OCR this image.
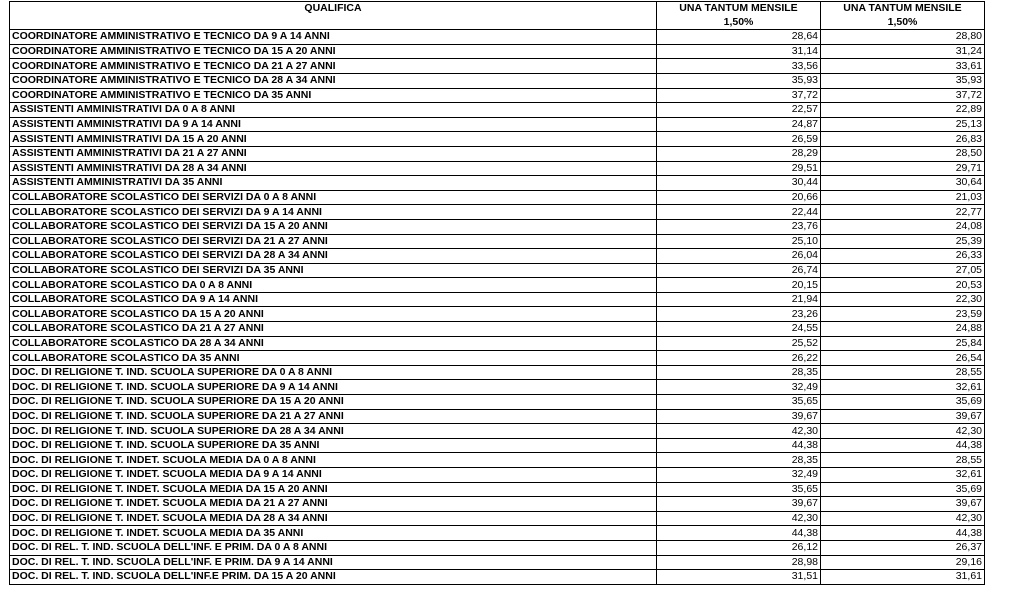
QUALIFICA	UNA TANTUM MENSILE	UNA TANTUM MENSILE
	1,50%	1,50%
COORDINATORE AMMINISTRATIVO E TECNICO DA 9 A 14 ANNI	28,64	28,80
COORDINATORE AMMINISTRATIVO E TECNICO DA 15 A 20 ANNI	31,14	31,24
COORDINATORE AMMINISTRATIVO E TECNICO DA 21 A 27 ANNI	33,56	33,61
COORDINATORE AMMINISTRATIVO E TECNICO DA 28 A 34 ANNI	35,93	35,93
COORDINATORE AMMINISTRATIVO E TECNICO DA 35 ANNI	37,72	37,72
ASSISTENTI AMMINISTRATIVI DA 0 A 8 ANNI	22,57	22,89
ASSISTENTI AMMINISTRATIVI DA 9 A 14 ANNI	24,87	25,13
ASSISTENTI AMMINISTRATIVI DA 15 A 20 ANNI	26,59	26,83
ASSISTENTI AMMINISTRATIVI DA 21 A 27 ANNI	28,29	28,50
ASSISTENTI AMMINISTRATIVI DA 28 A 34 ANNI	29,51	29,71
ASSISTENTI AMMINISTRATIVI DA 35 ANNI	30,44	30,64
COLLABORATORE SCOLASTICO DEI SERVIZI DA 0 A 8 ANNI	20,66	21,03
COLLABORATORE SCOLASTICO DEI SERVIZI DA 9 A 14 ANNI	22,44	22,77
COLLABORATORE SCOLASTICO DEI SERVIZI DA 15 A 20 ANNI	23,76	24,08
COLLABORATORE SCOLASTICO DEI SERVIZI DA 21 A 27 ANNI	25,10	25,39
COLLABORATORE SCOLASTICO DEI SERVIZI DA 28 A 34 ANNI	26,04	26,33
COLLABORATORE SCOLASTICO DEI SERVIZI DA 35 ANNI	26,74	27,05
COLLABORATORE SCOLASTICO DA 0 A 8 ANNI	20,15	20,53
COLLABORATORE SCOLASTICO DA 9 A 14 ANNI	21,94	22,30
COLLABORATORE SCOLASTICO DA 15 A 20 ANNI	23,26	23,59
COLLABORATORE SCOLASTICO DA 21 A 27 ANNI	24,55	24,88
COLLABORATORE SCOLASTICO DA 28 A 34 ANNI	25,52	25,84
COLLABORATORE SCOLASTICO DA 35 ANNI	26,22	26,54
DOC. DI RELIGIONE T. IND. SCUOLA SUPERIORE DA 0 A 8 ANNI	28,35	28,55
DOC. DI RELIGIONE T. IND. SCUOLA SUPERIORE DA 9 A 14 ANNI	32,49	32,61
DOC. DI RELIGIONE T. IND. SCUOLA SUPERIORE DA 15 A 20 ANNI	35,65	35,69
DOC. DI RELIGIONE T. IND. SCUOLA SUPERIORE DA 21 A 27 ANNI	39,67	39,67
DOC. DI RELIGIONE T. IND. SCUOLA SUPERIORE DA 28 A 34 ANNI	42,30	42,30
DOC. DI RELIGIONE T. IND. SCUOLA SUPERIORE DA 35 ANNI	44,38	44,38
DOC. DI RELIGIONE T. INDET. SCUOLA MEDIA DA 0 A 8 ANNI	28,35	28,55
DOC. DI RELIGIONE T. INDET. SCUOLA MEDIA DA 9 A 14 ANNI	32,49	32,61
DOC. DI RELIGIONE T. INDET. SCUOLA MEDIA DA 15 A 20 ANNI	35,65	35,69
DOC. DI RELIGIONE T. INDET. SCUOLA MEDIA DA 21 A 27 ANNI	39,67	39,67
DOC. DI RELIGIONE T. INDET. SCUOLA MEDIA DA 28 A 34 ANNI	42,30	42,30
DOC. DI RELIGIONE T. INDET. SCUOLA MEDIA DA 35 ANNI	44,38	44,38
DOC. DI REL. T. IND. SCUOLA DELL'INF. E PRIM. DA 0 A 8 ANNI	26,12	26,37
DOC. DI REL. T. IND. SCUOLA DELL'INF. E PRIM. DA 9 A 14 ANNI	28,98	29,16
DOC. DI REL. T. IND. SCUOLA DELL'INF.E PRIM. DA 15 A 20 ANNI	31,51	31,61
